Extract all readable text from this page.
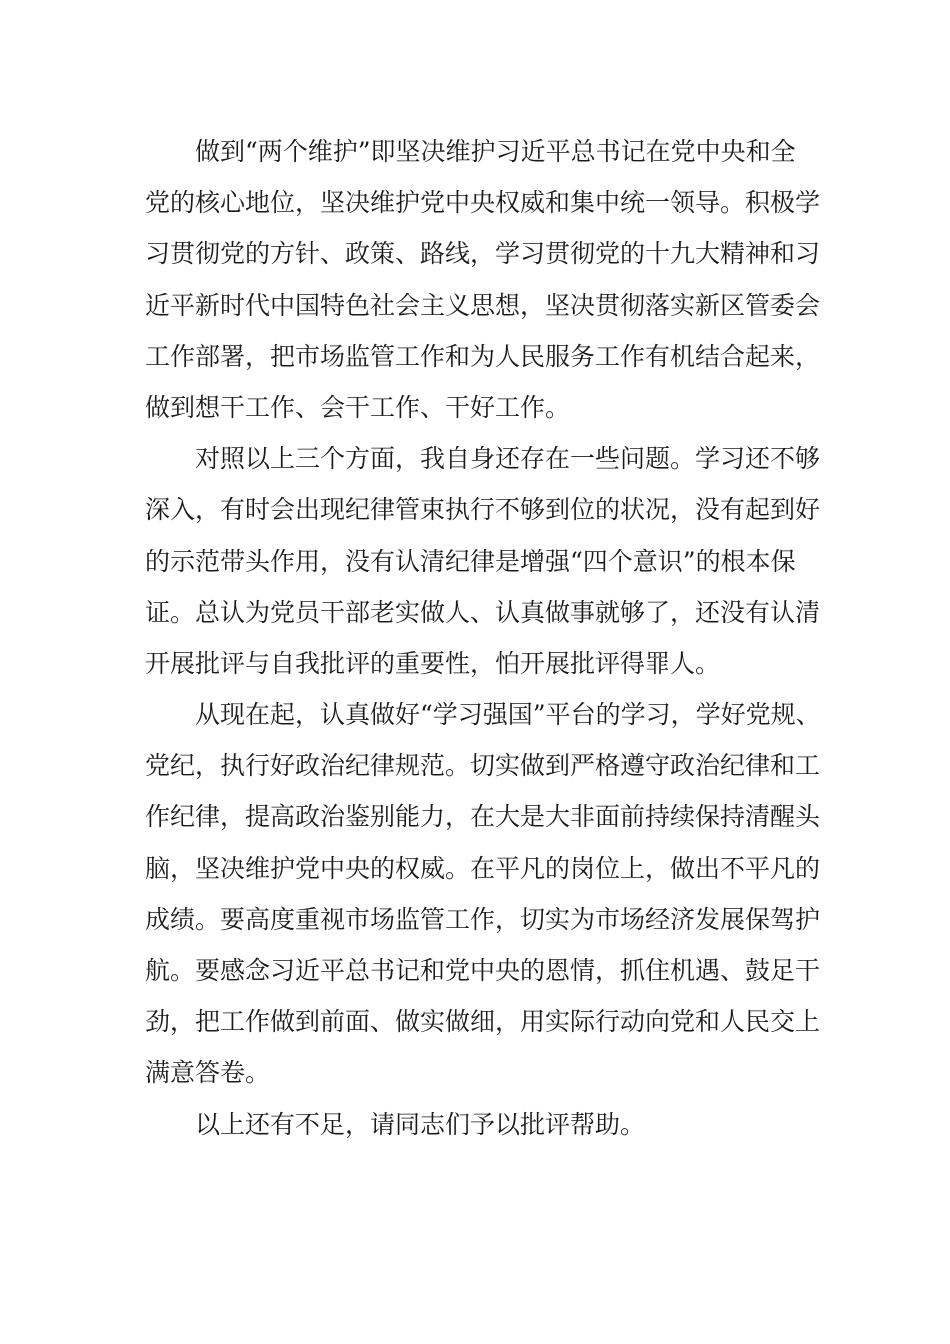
做到“两个维护”即坚决维护习近平总书记在党中央和全
党的核心地位，坚决维护党中央权威和集中统一领导。积极学
习贯彻党的方针、政策、路线，学习贯彻党的十九大精神和习
近平新时代中国特色社会主义思想，坚决贯彻落实新区管委会
工作部署，把市场监管工作和为人民服务工作有机结合起来，
做到想干工作、会干工作、干好工作。
对照以上三个方面，我自身还存在一些问题。学习还不够
深入，有时会出现纪律管束执行不够到位的状况，没有起到好
的示范带头作用，没有认清纪律是增强“四个意识”的根本保
证。总认为党员干部老实做人、认真做事就够了，还没有认清
开展批评与自我批评的重要性，怕开展批评得罪人。
从现在起，认真做好“学习强国”平台的学习，学好党规、
党纪，执行好政治纪律规范。切实做到严格遵守政治纪律和工
作纪律，提高政治鉴别能力，在大是大非面前持续保持清醒头
脑，坚决维护党中央的权威。在平凡的岗位上，做出不平凡的
成绩。要高度重视市场监管工作，切实为市场经济发展保驾护
航。要感念习近平总书记和党中央的恩情，抓住机遇、鼓足干
劲，把工作做到前面、做实做细，用实际行动向党和人民交上
满意答卷。
以上还有不足，请同志们予以批评帮助。
